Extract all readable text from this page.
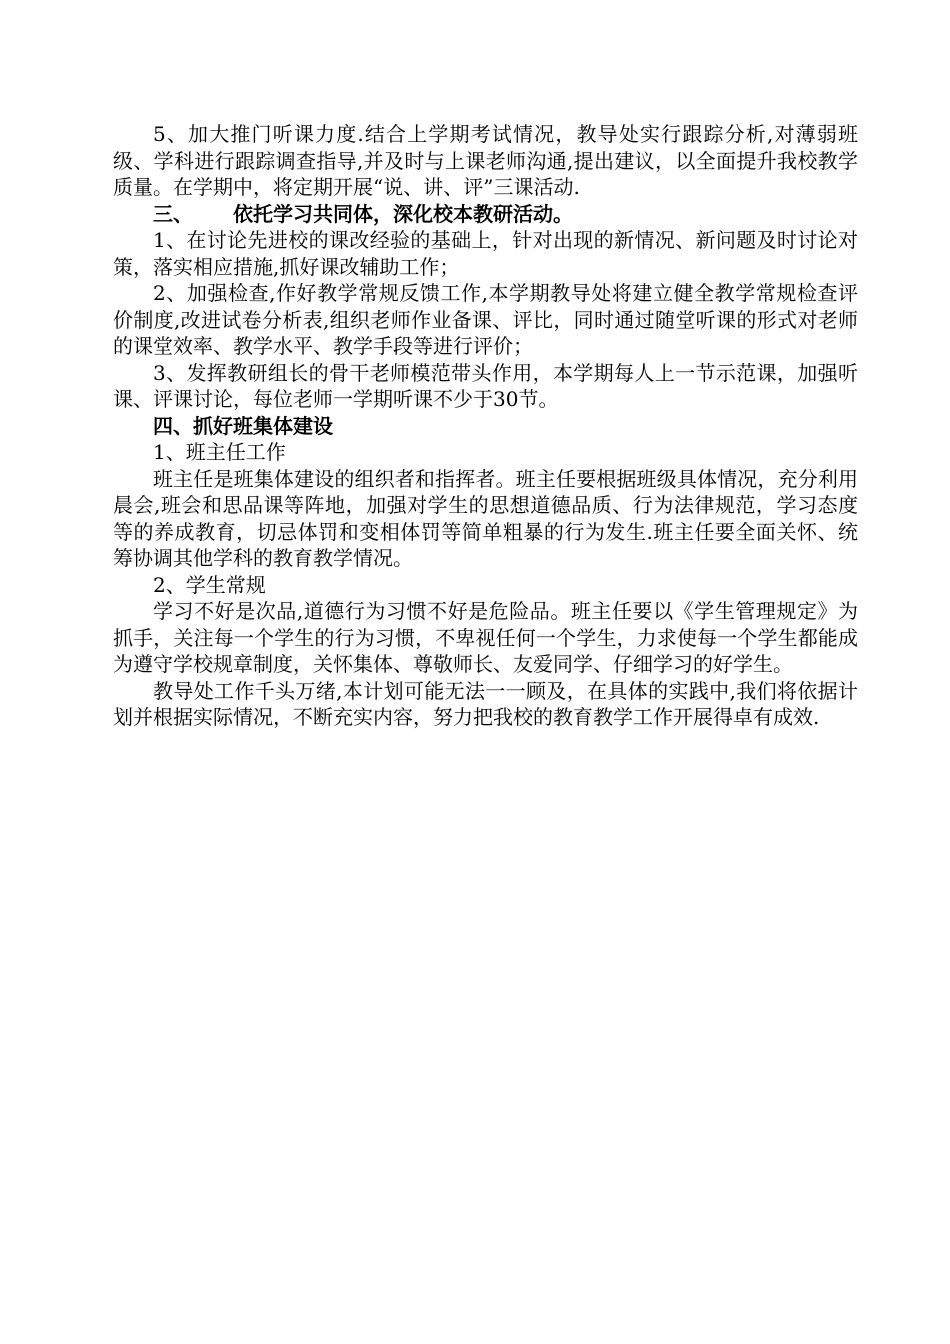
5、加大推门听课力度.结合上学期考试情况，教导处实行跟踪分析,对薄弱班级、学科进行跟踪调查指导,并及时与上课老师沟通,提出建议，以全面提升我校教学质量。在学期中，将定期开展“说、讲、评”三课活动.

三、 依托学习共同体，深化校本教研活动。

1、在讨论先进校的课改经验的基础上，针对出现的新情况、新问题及时讨论对策，落实相应措施,抓好课改辅助工作；

2、加强检查,作好教学常规反馈工作,本学期教导处将建立健全教学常规检查评价制度,改进试卷分析表,组织老师作业备课、评比，同时通过随堂听课的形式对老师的课堂效率、教学水平、教学手段等进行评价；

3、发挥教研组长的骨干老师模范带头作用，本学期每人上一节示范课，加强听课、评课讨论，每位老师一学期听课不少于30节。

四、抓好班集体建设

1、班主任工作

班主任是班集体建设的组织者和指挥者。班主任要根据班级具体情况，充分利用晨会,班会和思品课等阵地，加强对学生的思想道德品质、行为法律规范，学习态度等的养成教育，切忌体罚和变相体罚等简单粗暴的行为发生.班主任要全面关怀、统筹协调其他学科的教育教学情况。

2、学生常规

学习不好是次品,道德行为习惯不好是危险品。班主任要以《学生管理规定》为抓手，关注每一个学生的行为习惯，不卑视任何一个学生，力求使每一个学生都能成为遵守学校规章制度，关怀集体、尊敬师长、友爱同学、仔细学习的好学生。

教导处工作千头万绪,本计划可能无法一一顾及，在具体的实践中,我们将依据计划并根据实际情况，不断充实内容，努力把我校的教育教学工作开展得卓有成效.
